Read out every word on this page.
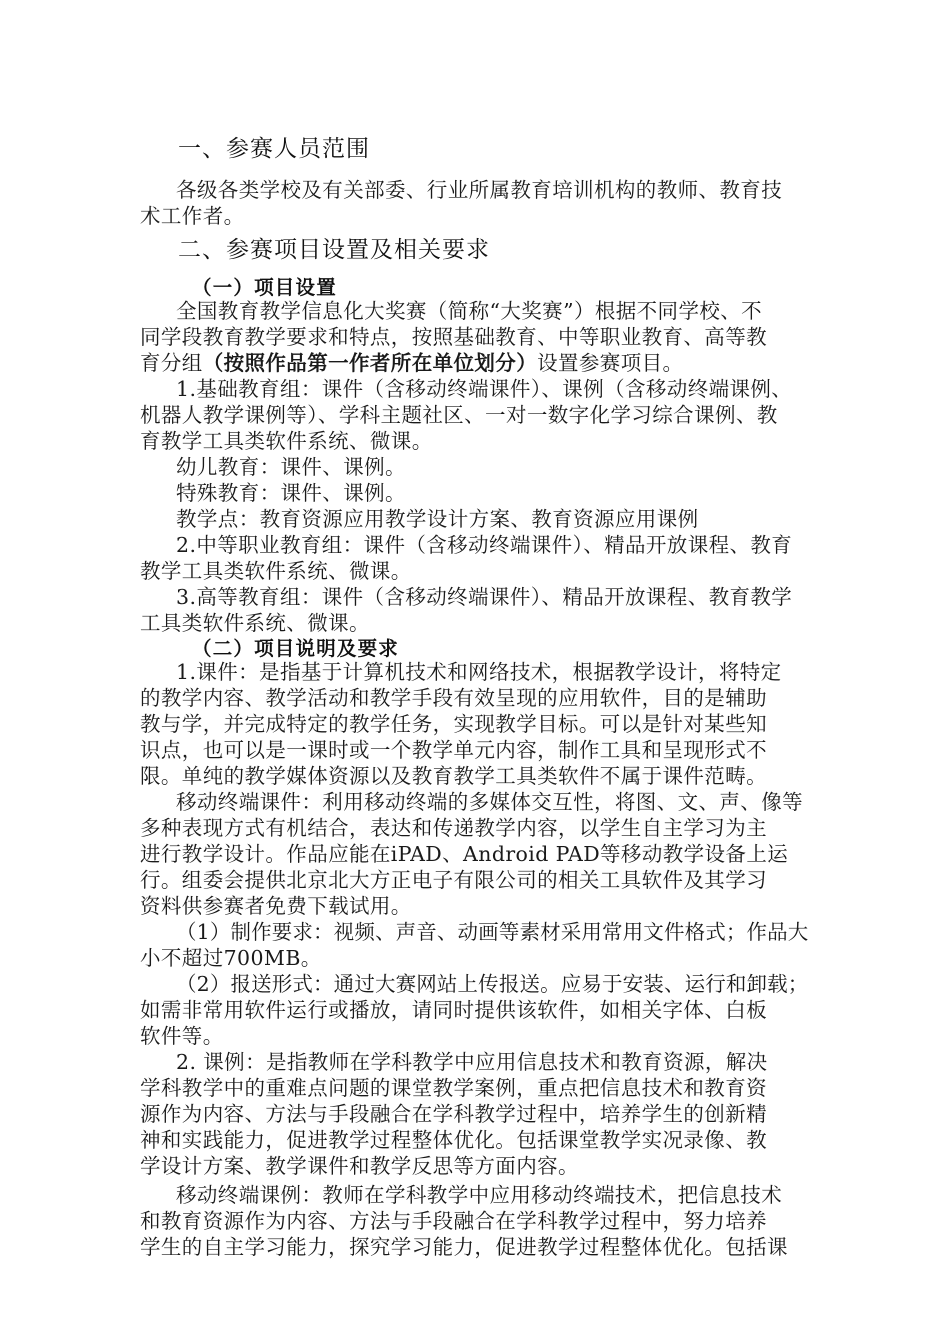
一、参赛人员范围
各级各类学校及有关部委、行业所属教育培训机构的教师、教育技
术工作者。
二、参赛项目设置及相关要求
（一）项目设置
全国教育教学信息化大奖赛（简称“大奖赛”）根据不同学校、不
同学段教育教学要求和特点，按照基础教育、中等职业教育、高等教
育分组（按照作品第一作者所在单位划分）设置参赛项目。
1.基础教育组：课件（含移动终端课件）、课例（含移动终端课例、
机器人教学课例等）、学科主题社区、一对一数字化学习综合课例、教
育教学工具类软件系统、微课。
幼儿教育：课件、课例。
特殊教育：课件、课例。
教学点：教育资源应用教学设计方案、教育资源应用课例
2.中等职业教育组：课件（含移动终端课件）、精品开放课程、教育
教学工具类软件系统、微课。
3.高等教育组：课件（含移动终端课件）、精品开放课程、教育教学
工具类软件系统、微课。
（二）项目说明及要求
1.课件：是指基于计算机技术和网络技术，根据教学设计，将特定
的教学内容、教学活动和教学手段有效呈现的应用软件，目的是辅助
教与学，并完成特定的教学任务，实现教学目标。可以是针对某些知
识点，也可以是一课时或一个教学单元内容，制作工具和呈现形式不
限。单纯的教学媒体资源以及教育教学工具类软件不属于课件范畴。
移动终端课件：利用移动终端的多媒体交互性，将图、文、声、像等
多种表现方式有机结合，表达和传递教学内容，以学生自主学习为主
进行教学设计。作品应能在iPAD、Android PAD等移动教学设备上运
行。组委会提供北京北大方正电子有限公司的相关工具软件及其学习
资料供参赛者免费下载试用。
（1）制作要求：视频、声音、动画等素材采用常用文件格式；作品大
小不超过700MB。
（2）报送形式：通过大赛网站上传报送。应易于安装、运行和卸载；
如需非常用软件运行或播放，请同时提供该软件，如相关字体、白板
软件等。
2. 课例：是指教师在学科教学中应用信息技术和教育资源，解决
学科教学中的重难点问题的课堂教学案例，重点把信息技术和教育资
源作为内容、方法与手段融合在学科教学过程中，培养学生的创新精
神和实践能力，促进教学过程整体优化。包括课堂教学实况录像、教
学设计方案、教学课件和教学反思等方面内容。
移动终端课例：教师在学科教学中应用移动终端技术，把信息技术
和教育资源作为内容、方法与手段融合在学科教学过程中，努力培养
学生的自主学习能力，探究学习能力，促进教学过程整体优化。包括课
